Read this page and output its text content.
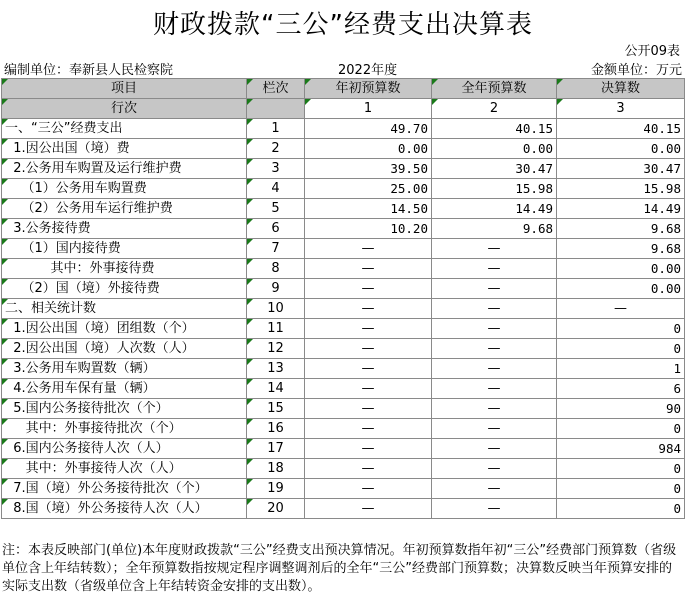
财政拨款“三公”经费支出决算表
公开09表
编制单位：奉新县人民检察院	2022年度	金额单位：万元
项目	栏次	年初预算数	全年预算数	决算数
行次		1	2	3
一、“三公”经费支出	1	49.70	40.15	40.15
1.因公出国（境）费	2	0.00	0.00	0.00
2.公务用车购置及运行维护费	3	39.50	30.47	30.47
（1）公务用车购置费	4	25.00	15.98	15.98
（2）公务用车运行维护费	5	14.50	14.49	14.49
3.公务接待费	6	10.20	9.68	9.68
（1）国内接待费	7	—	—	9.68
其中：外事接待费	8	—	—	0.00
（2）国（境）外接待费	9	—	—	0.00
二、相关统计数	10	—	—	—
1.因公出国（境）团组数（个）	11	—	—	0
2.因公出国（境）人次数（人）	12	—	—	0
3.公务用车购置数（辆）	13	—	—	1
4.公务用车保有量（辆）	14	—	—	6
5.国内公务接待批次（个）	15	—	—	90
其中：外事接待批次（个）	16	—	—	0
6.国内公务接待人次（人）	17	—	—	984
其中：外事接待人次（人）	18	—	—	0
7.国（境）外公务接待批次（个）	19	—	—	0
8.国（境）外公务接待人次（人）	20	—	—	0
注：本表反映部门(单位)本年度财政拨款“三公”经费支出预决算情况。年初预算数指年初“三公”经费部门预算数（省级单位含上年结转数）；全年预算数指按规定程序调整调剂后的全年“三公”经费部门预算数；决算数反映当年预算安排的实际支出数（省级单位含上年结转资金安排的支出数）。
